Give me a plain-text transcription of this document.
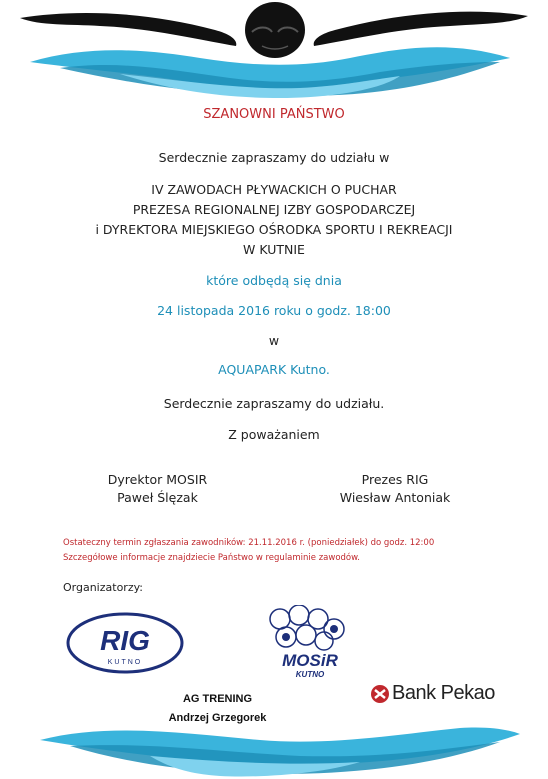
SZANOWNI PAŃSTWO
Serdecznie zapraszamy do udziału w
IV ZAWODACH PŁYWACKICH O PUCHAR
PREZESA REGIONALNEJ IZBY GOSPODARCZEJ
i DYREKTORA MIEJSKIEGO OŚRODKA SPORTU I REKREACJI
W KUTNIE
które odbędą się dnia
24 listopada 2016 roku o godz. 18:00
w
AQUAPARK Kutno.
Serdecznie zapraszamy do udziału.
Z poważaniem
Dyrektor MOSIR
Paweł Ślęzak
Prezes RIG
Wiesław Antoniak
Ostateczny termin zgłaszania zawodników: 21.11.2016 r. (poniedziałek) do godz. 12:00
Szczegółowe informacje znajdziecie Państwo w regulaminie zawodów.
Organizatorzy:
RIG
KUTNO	MOSiR
KUTNO
AG TRENING
Andrzej Grzegorek
Bank Pekao
